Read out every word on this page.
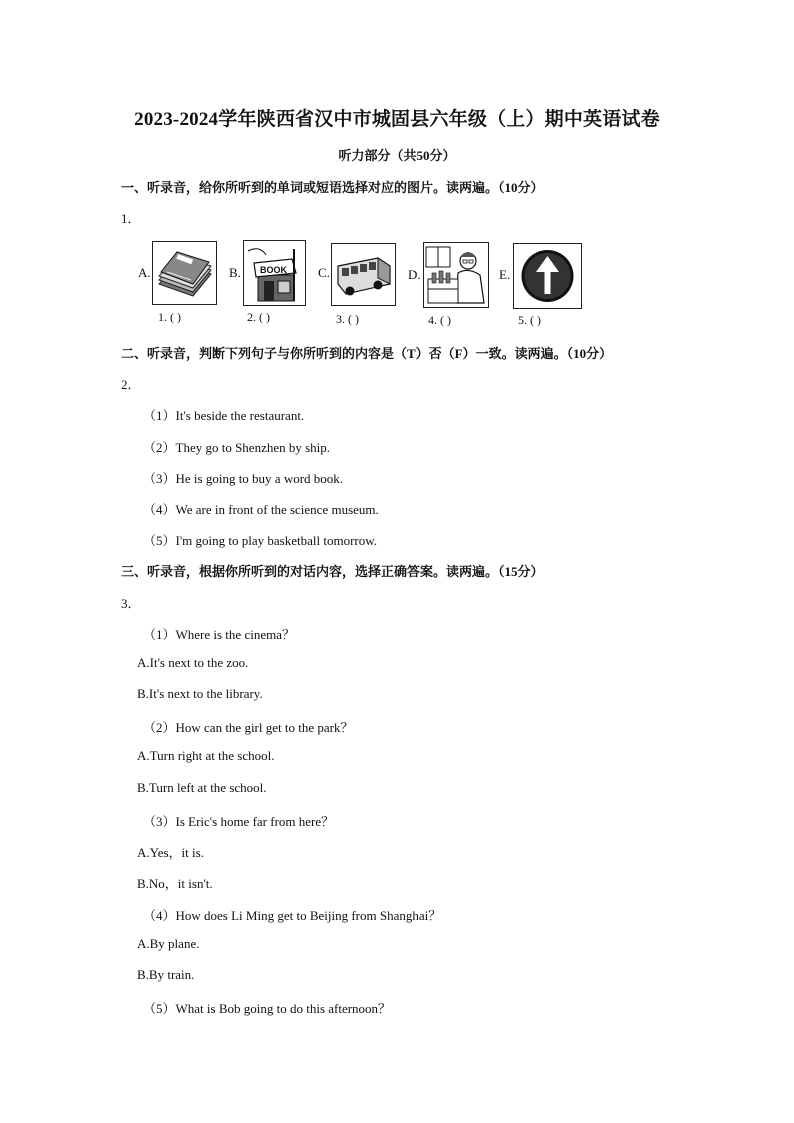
2023-2024学年陕西省汉中市城固县六年级（上）期中英语试卷
听力部分（共50分）
一、听录音，给你所听到的单词或短语选择对应的图片。读两遍。（10分）
1．
A.
1. ( )
B. BOOK
2. ( )
C.
3. ( )
D.
4. ( )
E.
5. ( )
二、听录音，判断下列句子与你所听到的内容是（T）否（F）一致。读两遍。（10分）
2．
（1）It's beside the restaurant.
（2）They go to Shenzhen by ship.
（3）He is going to buy a word book.
（4）We are in front of the science museum.
（5）I'm going to play basketball tomorrow.
三、听录音，根据你所听到的对话内容，选择正确答案。读两遍。（15分）
3．
（1）Where is the cinema？
A.It's next to the zoo.
B.It's next to the library.
（2）How can the girl get to the park？
A.Turn right at the school.
B.Turn left at the school.
（3）Is Eric's home far from here？
A.Yes，it is.
B.No，it isn't.
（4）How does Li Ming get to Beijing from Shanghai？
A.By plane.
B.By train.
（5）What is Bob going to do this afternoon？
